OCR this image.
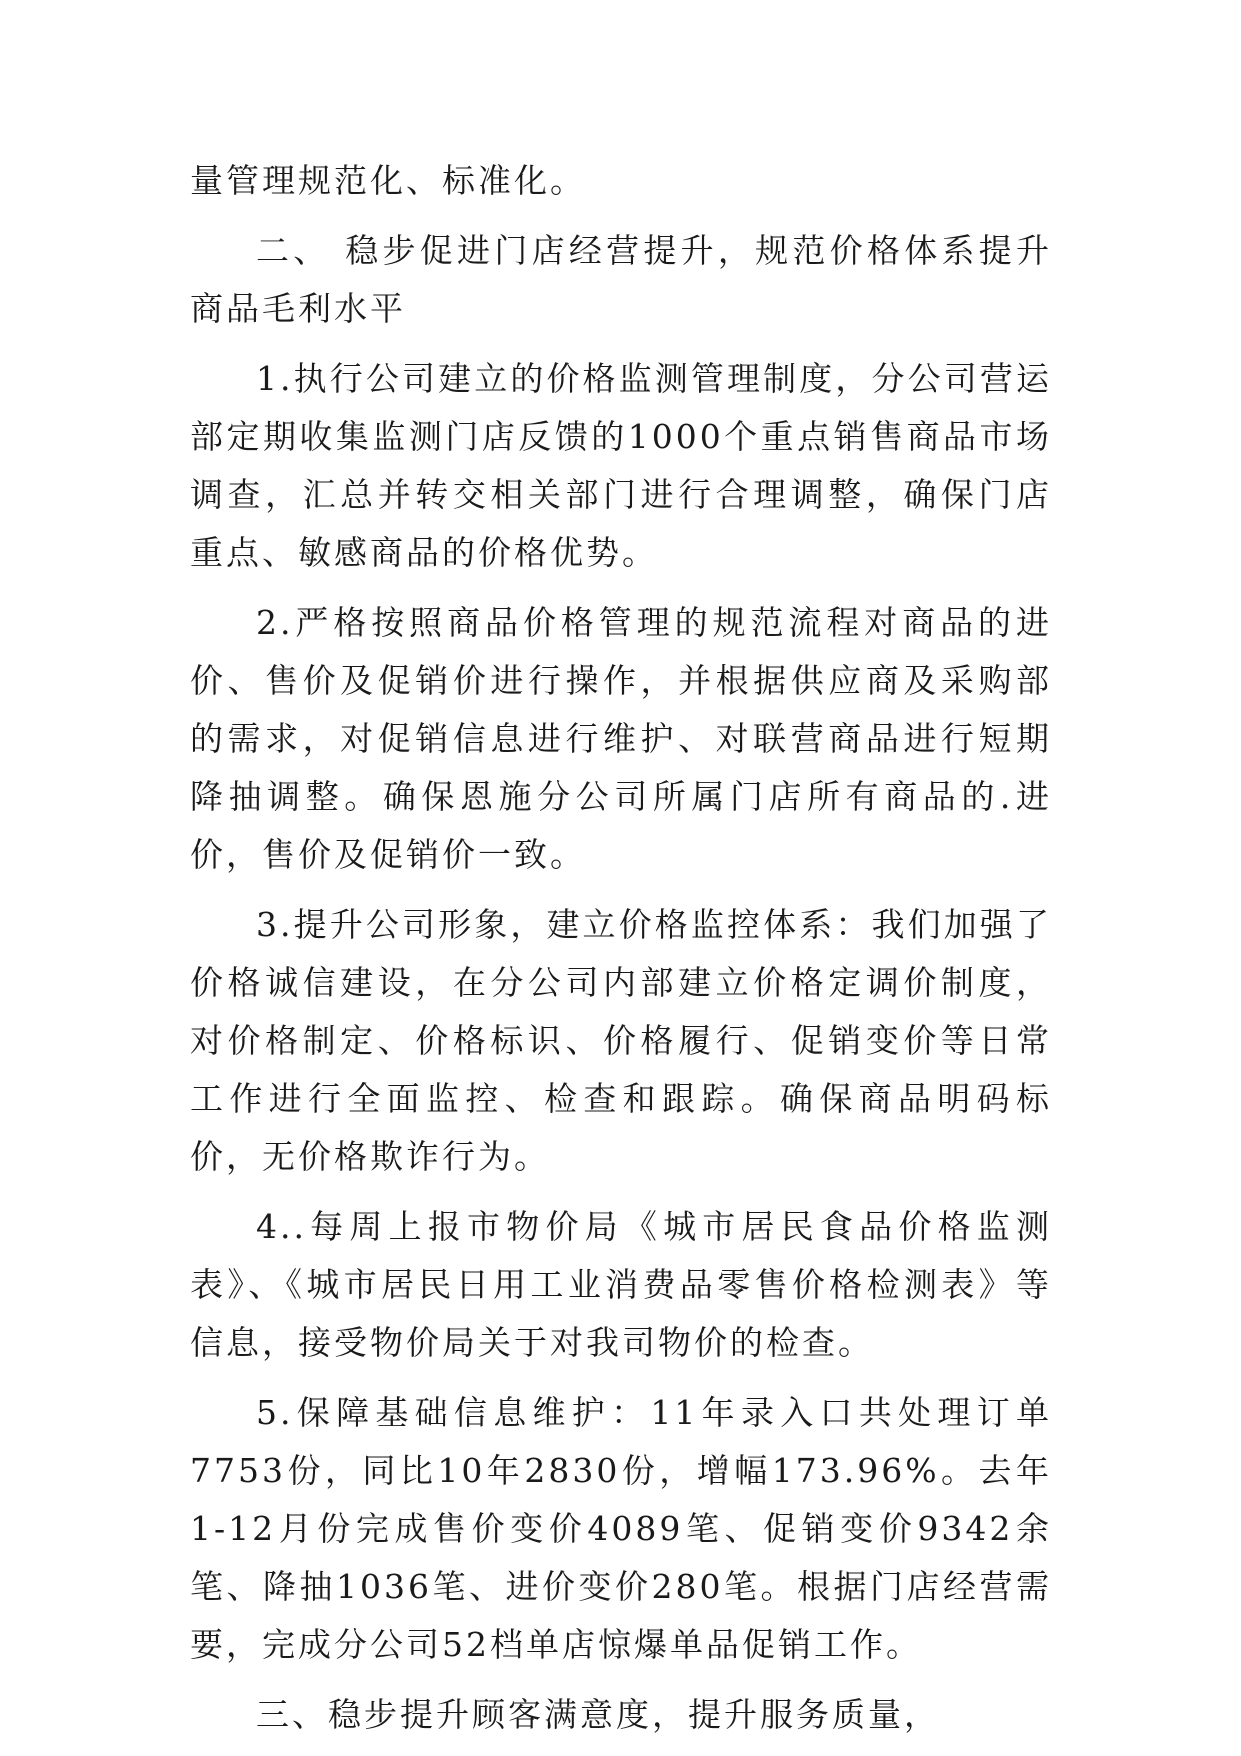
量管理规范化、标准化。

二、 稳步促进门店经营提升，规范价格体系提升商品毛利水平

1.执行公司建立的价格监测管理制度，分公司营运部定期收集监测门店反馈的1000个重点销售商品市场调查，汇总并转交相关部门进行合理调整，确保门店重点、敏感商品的价格优势。

2.严格按照商品价格管理的规范流程对商品的进价、售价及促销价进行操作，并根据供应商及采购部的需求，对促销信息进行维护、对联营商品进行短期降抽调整。确保恩施分公司所属门店所有商品的.进价，售价及促销价一致。

3.提升公司形象，建立价格监控体系：我们加强了价格诚信建设，在分公司内部建立价格定调价制度，对价格制定、价格标识、价格履行、促销变价等日常工作进行全面监控、检查和跟踪。确保商品明码标价，无价格欺诈行为。

4..每周上报市物价局《城市居民食品价格监测表》、《城市居民日用工业消费品零售价格检测表》等信息，接受物价局关于对我司物价的检查。

5.保障基础信息维护：11年录入口共处理订单7753份，同比10年2830份，增幅173.96%。去年1-12月份完成售价变价4089笔、促销变价9342余笔、降抽1036笔、进价变价280笔。根据门店经营需要，完成分公司52档单店惊爆单品促销工作。

三、稳步提升顾客满意度，提升服务质量，
